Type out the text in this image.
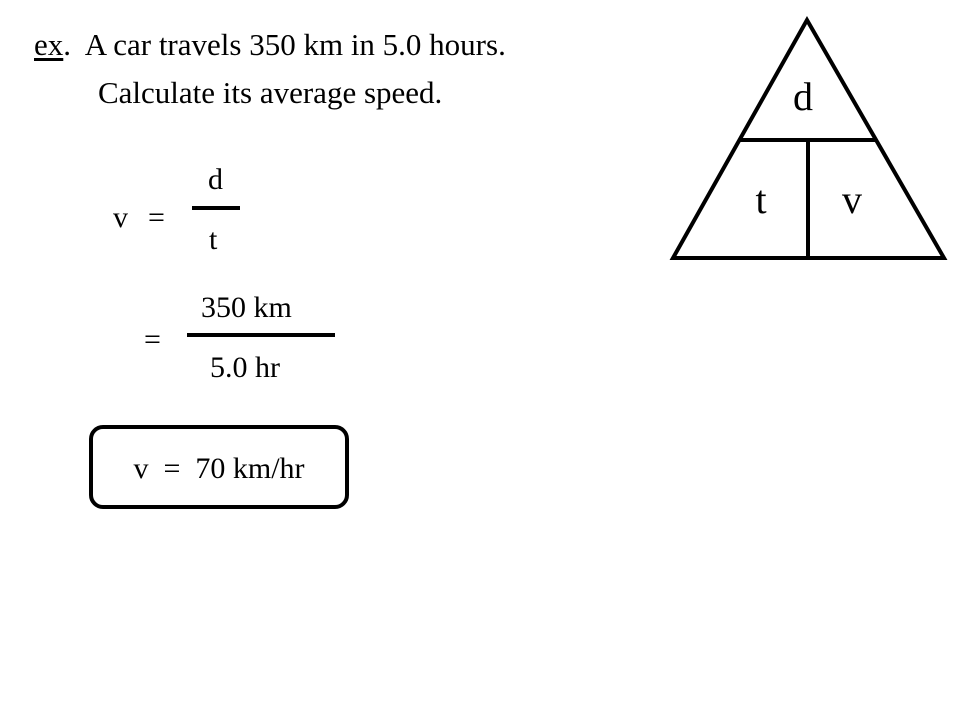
ex.  A car travels 350 km in 5.0 hours.
Calculate its average speed.
v =
d
t
=
350 km
5.0 hr
v  =  70 km/hr
d
t v
